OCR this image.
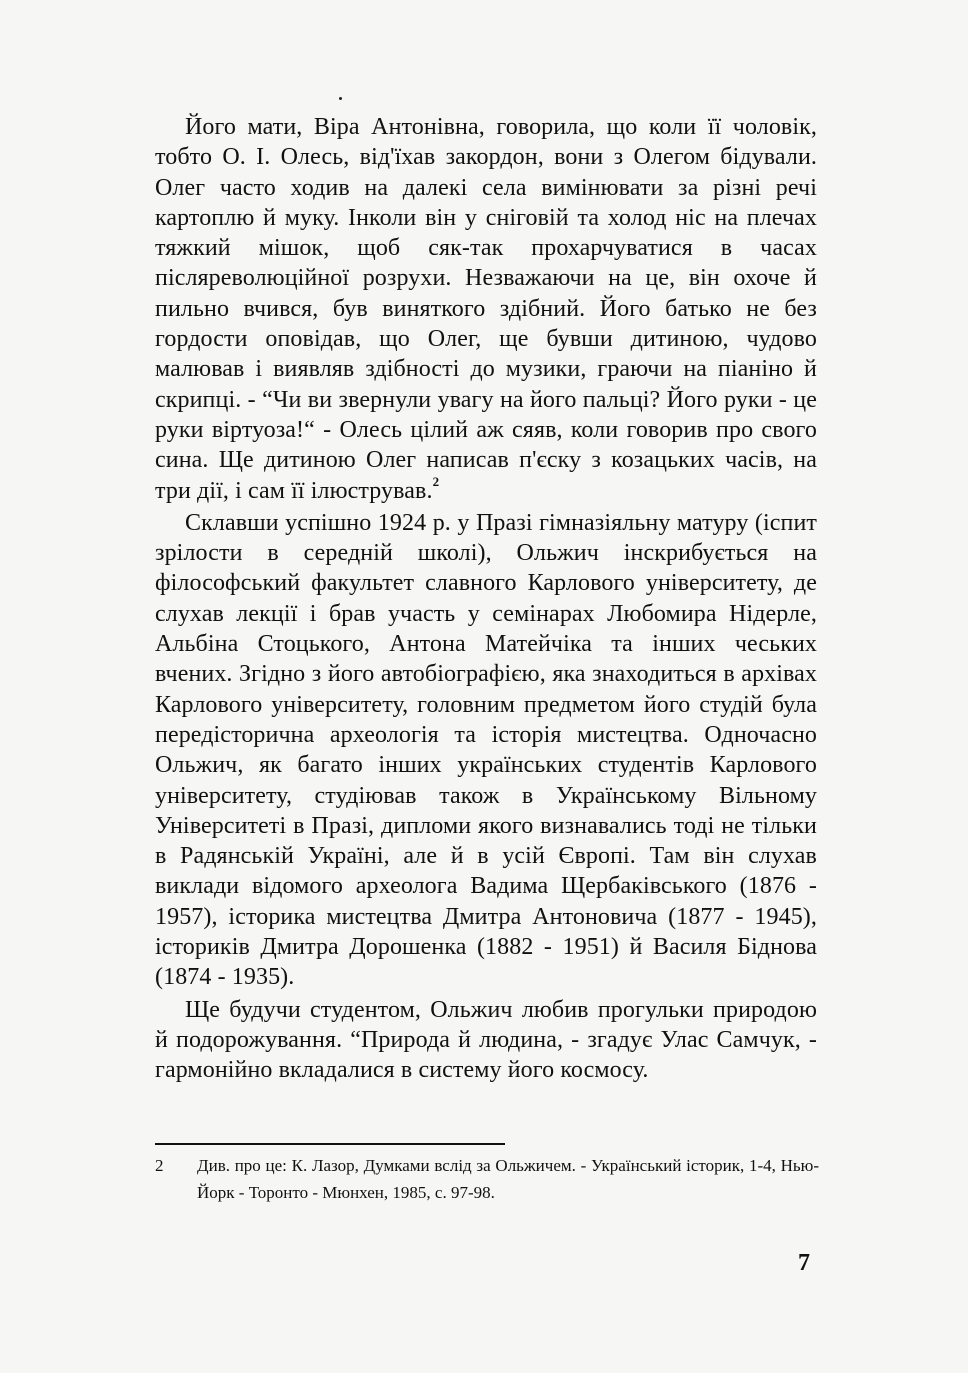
Його мати, Віра Антонівна, говорила, що коли її чоловік, тобто О. І. Олесь, від'їхав закордон, вони з Олегом бідували. Олег часто ходив на далекі села вимінювати за різні речі картоплю й муку. Інколи він у сніговій та холод ніс на плечах тяжкий мішок, щоб сяк-так прохарчуватися в часах післяреволюційної розрухи. Незважаючи на це, він охоче й пильно вчився, був виняткого здібний. Його батько не без гордости оповідав, що Олег, ще бувши дитиною, чудово малював і виявляв здібності до музики, граючи на піаніно й скрипці. - “Чи ви звернули увагу на його пальці? Його руки - це руки віртуоза!“ - Олесь цілий аж сяяв, коли говорив про свого сина. Ще дитиною Олег написав п'єску з козацьких часів, на три дії, і сам її ілюстрував.$^2$

Склавши успішно 1924 р. у Празі гімназіяльну матуру (іспит зрілости в середній школі), Ольжич інскрибується на філософський факультет славного Карлового університету, де слухав лекції і брав участь у семінарах Любомира Нідерле, Альбіна Стоцького, Антона Матейчіка та інших чеських вчених. Згідно з його автобіографією, яка знаходиться в архівах Карлового університету, головним предметом його студій була передісторична археологія та історія мистецтва. Одночасно Ольжич, як багато інших українських студентів Карлового університету, студіював також в Українському Вільному Університеті в Празі, дипломи якого визнавались тоді не тільки в Радянській Україні, але й в усій Європі. Там він слухав виклади відомого археолога Вадима Щербаківського (1876 - 1957), історика мистецтва Дмитра Антоновича (1877 - 1945), істориків Дмитра Дорошенка (1882 - 1951) й Василя Біднова (1874 - 1935).

Ще будучи студентом, Ольжич любив прогульки природою й подорожування. “Природа й людина, - згадує Улас Самчук, - гармонійно вкладалися в систему його космосу.

2	Див. про це: К. Лазор, Думками вслід за Ольжичем. - Український історик, 1-4, Нью-Йорк - Торонто - Мюнхен, 1985, с. 97-98.
7
